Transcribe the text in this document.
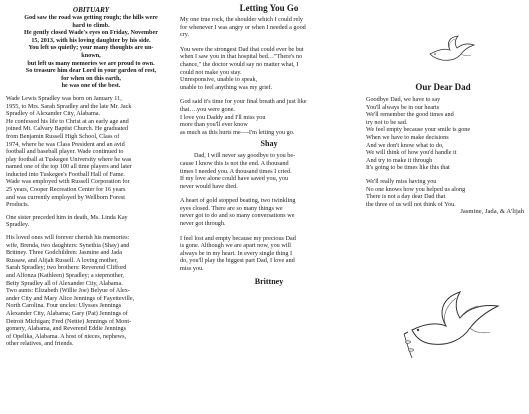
OBITUARY

God saw the road was getting rough; the hills were

hard to climb.

He gently closed Wade's eyes on Friday, November

15, 2013, with his loving daughter by his side.

You left us quietly; your many thoughts are un-

known,

but left us many memories we are proud to own.

So treasure him dear Lord in your garden of rest,

for when on this earth,

he was one of the best.

Wade Lewis Spradley was born on January 11,

1955, to Mrs. Sarah Spradley and the late Mr. Jack

Spradley of Alexander City, Alabama.

He confessed his life to Christ at an early age and

joined Mt. Calvary Baptist Church. He graduated

from Benjamin Russell High School, Class of

1974, where he was Class President and an avid

football and baseball player. Wade continued to

play football at Tuskegee University where he was

named one of the top 100 all time players and later

inducted into Tuskegee's Football Hall of Fame.

Wade was employed with Russell Corporation for

25 years, Cooper Recreation Center for 16 years

and was currently employed by Wellborn Forest

Products.

One sister preceded him in death, Ms. Linda Kay

Spradley.

His loved ones will forever cherish his memories:

wife, Brenda, two daughters: Synethia (Shay) and

Brittney. Three Godchildren: Jasmine and Jada

Russaw, and Alijah Russell. A loving mother,

Sarah Spradley; two brothers: Reverend Clifford

and Alfonza (Kathleen) Spradley; a stepmother,

Betty Spradley all of Alexander City, Alabama.

Two aunts: Elizabeth (Willie Joe) Belyue of Alex-

ander City and Mary Alice Jennings of Fayetteville,

North Carolina. Four uncles: Ulysses Jennings

Alexander City, Alabama; Gary (Pat) Jennings of

Detroit Michigan; Fred (Nettie) Jennings of Mont-

gomery, Alabama, and Reverend Eddie Jennings

of Opelika, Alabama. A host of nieces, nephews,

other relatives, and friends.

Letting You Go

My one true rock, the shoulder which I could rely

for whenever I was angry or when I needed a good

cry.

You were the strongest Dad that could ever be but

when I saw you in that hospital bed…"There's no

chance," the doctor would say no matter what, I

could not make you stay.

Unresponsive, unable to speak,

unable to feel anything was my grief.

God said it's time for your final breath and just like

that….you were gone.

I love you Daddy and I'll miss you

more than you'll ever know

as much as this hurts me—-I'm letting you go.

Shay

Dad, I will never say goodbye to you be-

cause I know this is not the end. A thousand

times I needed you. A thousand times I cried.

If my love alone could have saved you, you

never would have died.

A heart of gold stopped beating, two twinkling

eyes closed. There are so many things we

never got to do and so many conversations we

never got through.

I feel lost and empty because my precious Dad

is gone. Although we are apart now, you will

always be in my heart. In every single thing I

do, you'll play the biggest part Dad, I love and

miss you.

Brittney
Our Dear Dad

Goodbye Dad, we have to say

You'll always be in our hearts

We'll remember the good times and

try not to be sad.

We feel empty because your smile is gone

When we have to make decisions

And we don't know what to do,

We will think of how you'd handle it

And try to make it through

It's going to be times like this that

We'll really miss having you

No one knows how you helped us along

There is not a day dear Dad that

the three of us will not think of You.

Jasmine, Jada, & A'lijah
